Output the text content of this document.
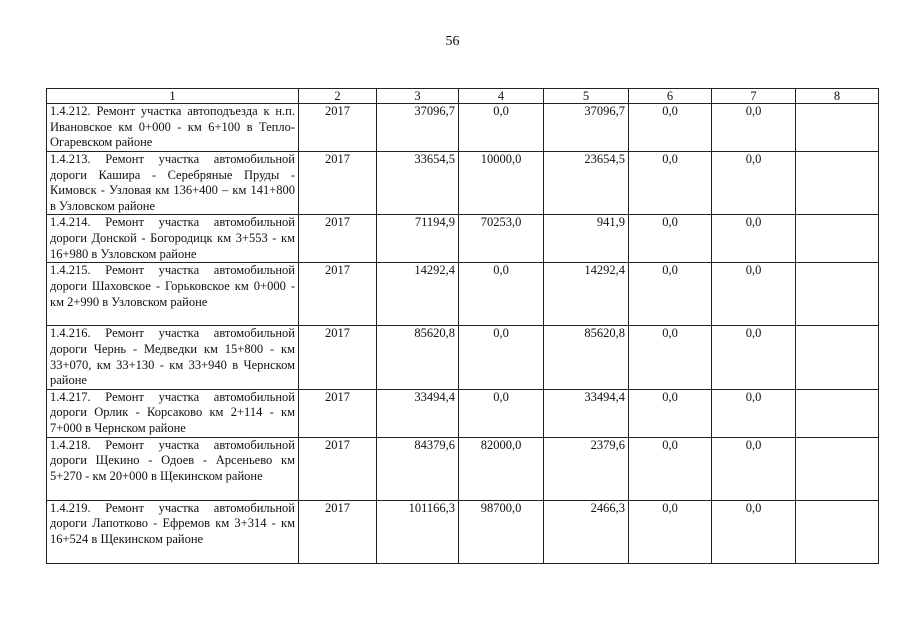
56
1	2	3	4	5	6	7	8
1.4.212. Ремонт участка автоподъезда к н.п. Ивановское км 0+000 - км 6+100 в Тепло-Огаревском районе	2017	37096,7	0,0	37096,7	0,0	0,0	
1.4.213. Ремонт участка автомобильной дороги Кашира - Серебряные Пруды - Кимовск - Узловая км 136+400 – км 141+800 в Узловском районе	2017	33654,5	10000,0	23654,5	0,0	0,0	
1.4.214. Ремонт участка автомобильной дороги Донской - Богородицк км 3+553 - км 16+980 в Узловском районе	2017	71194,9	70253,0	941,9	0,0	0,0	
1.4.215. Ремонт участка автомобильной дороги Шаховское - Горьковское км 0+000 - км 2+990 в Узловском районе	2017	14292,4	0,0	14292,4	0,0	0,0	
1.4.216. Ремонт участка автомобильной дороги Чернь - Медведки км 15+800 - км 33+070, км 33+130 - км 33+940 в Чернском районе	2017	85620,8	0,0	85620,8	0,0	0,0	
1.4.217. Ремонт участка автомобильной дороги Орлик - Корсаково км 2+114 - км 7+000 в Чернском районе	2017	33494,4	0,0	33494,4	0,0	0,0	
1.4.218. Ремонт участка автомобильной дороги Щекино - Одоев - Арсеньево км 5+270 - км 20+000 в Щекинском районе	2017	84379,6	82000,0	2379,6	0,0	0,0	
1.4.219. Ремонт участка автомобильной дороги Лапотково - Ефремов км 3+314 - км 16+524 в Щекинском районе	2017	101166,3	98700,0	2466,3	0,0	0,0	
